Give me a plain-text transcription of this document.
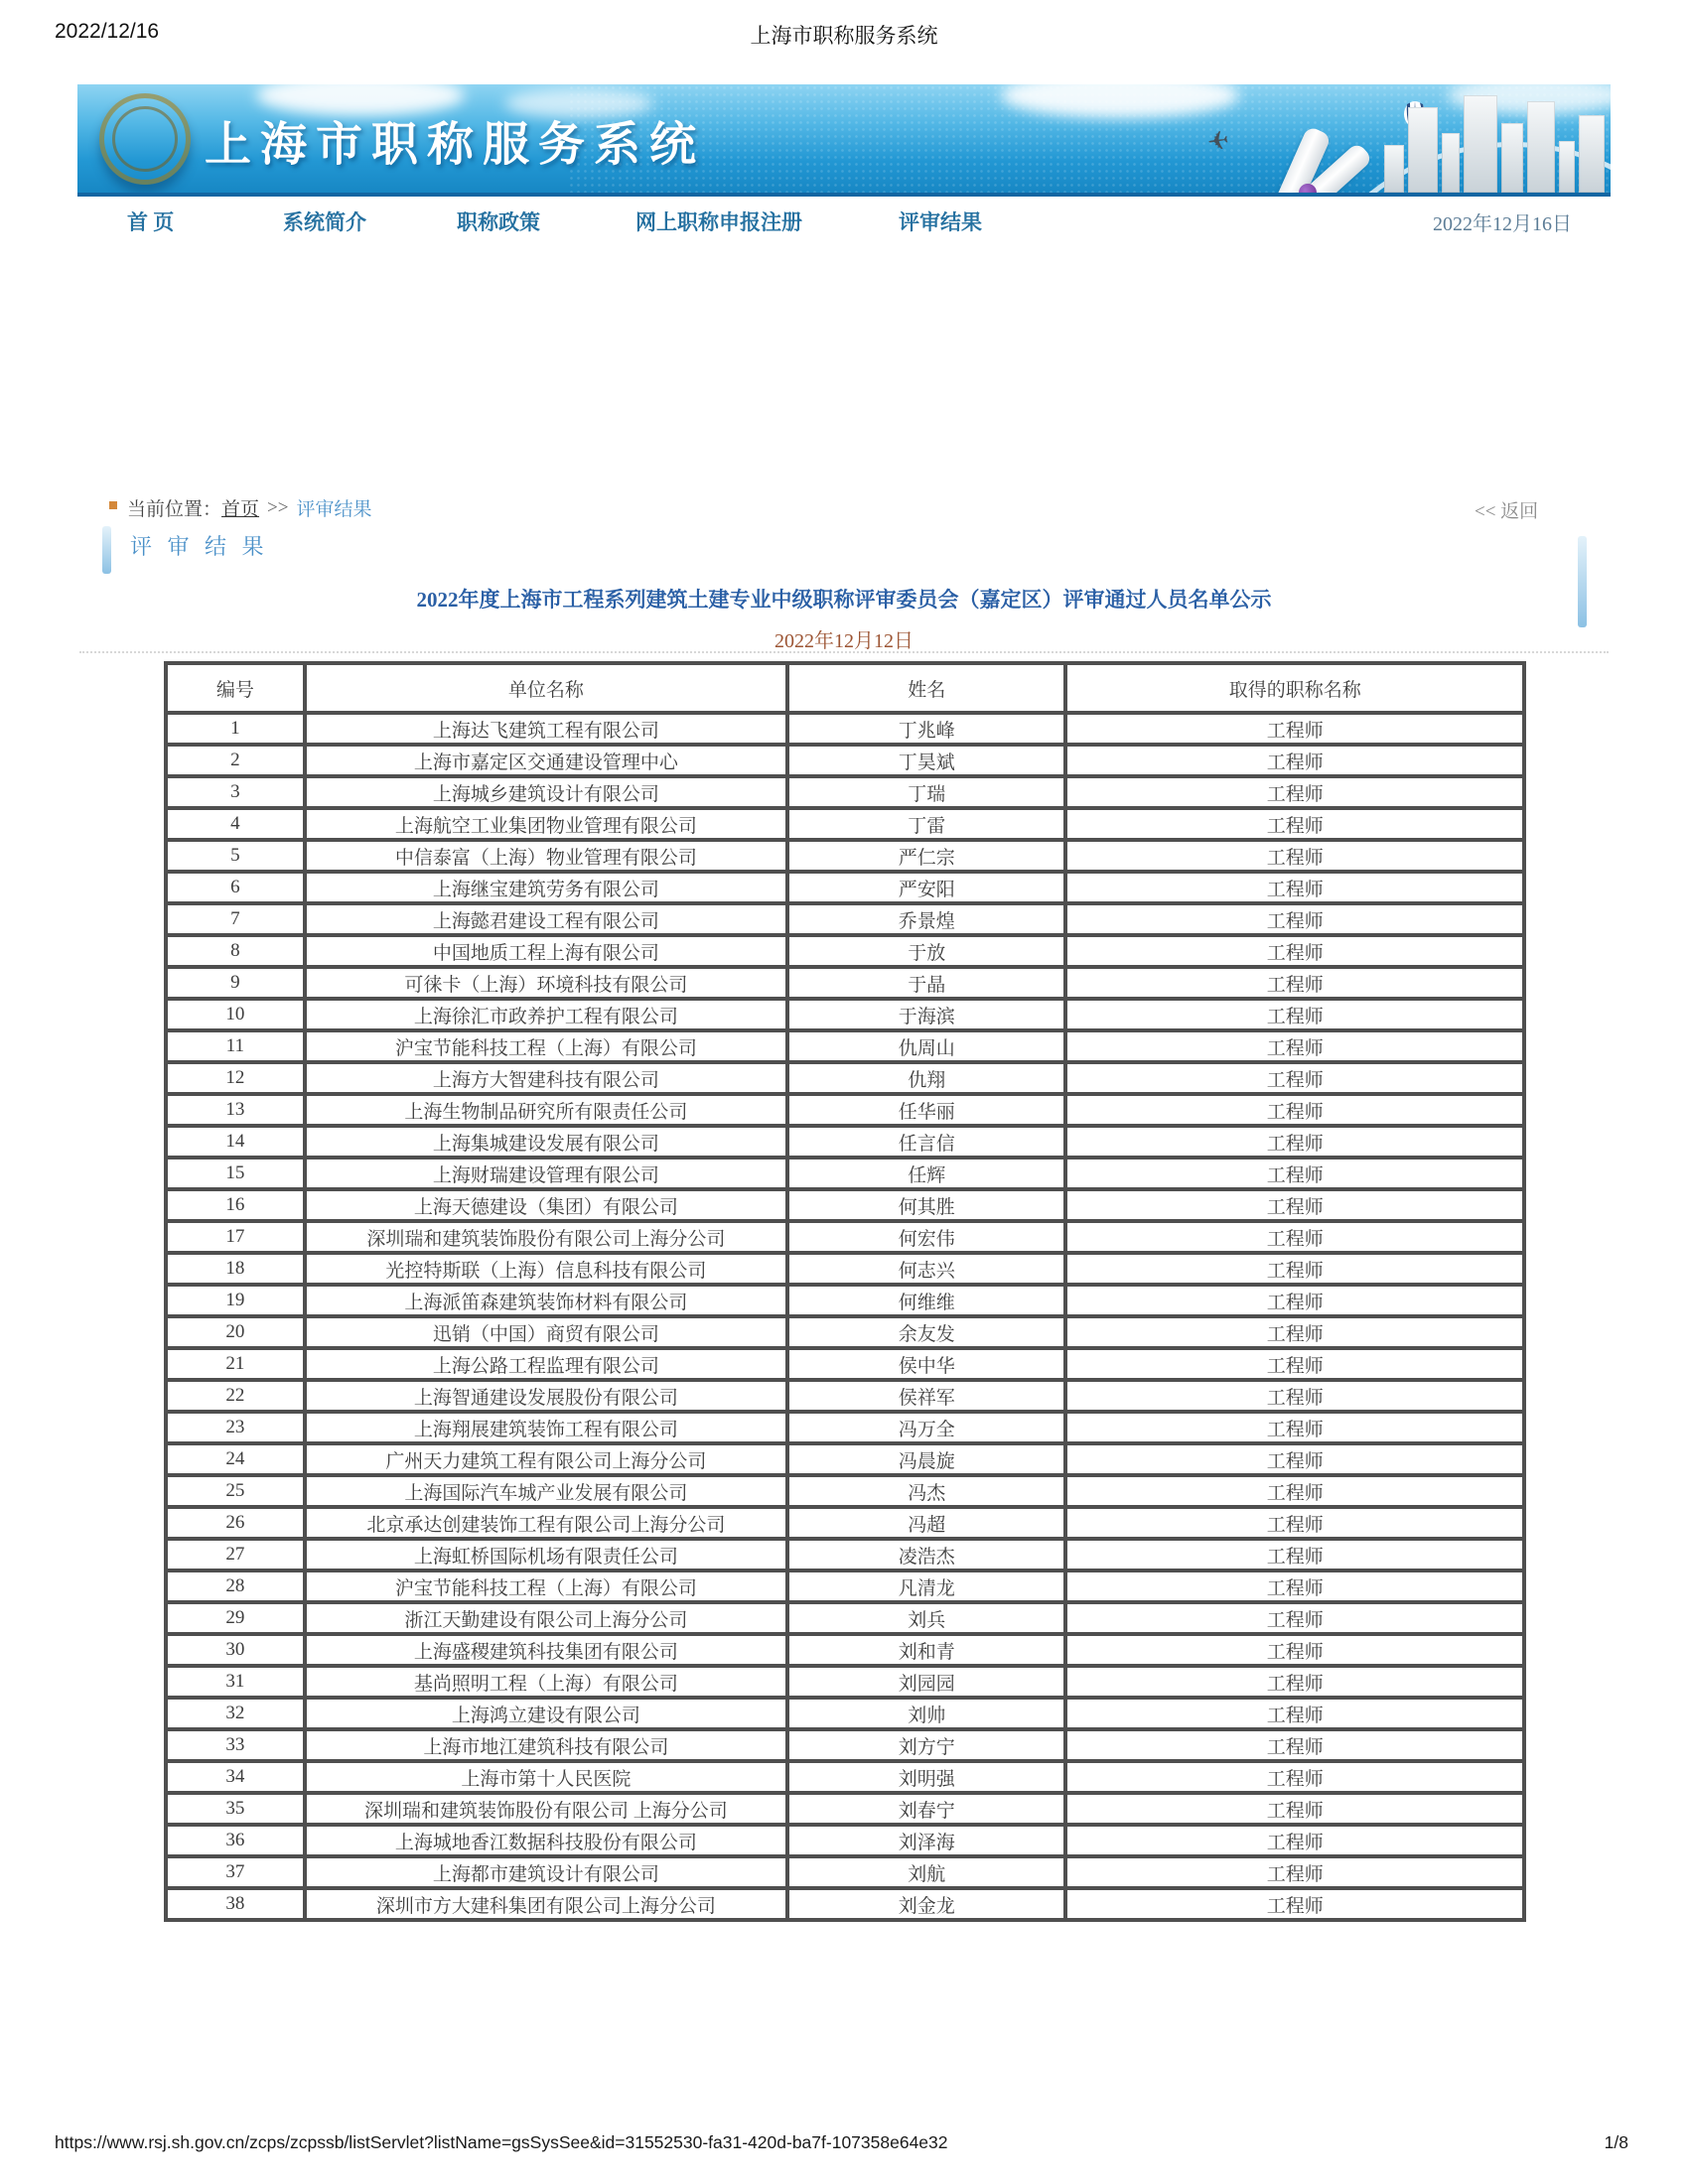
2022/12/16	上海市职称服务系统
✈
上海市职称服务系统
首 页	系统简介	职称政策	网上职称申报注册	评审结果	2022年12月16日
当前位置： 首页 >> 评审结果	<< 返回
评 审 结 果
2022年度上海市工程系列建筑土建专业中级职称评审委员会（嘉定区）评审通过人员名单公示
2022年12月12日
编号	单位名称	姓名	取得的职称名称
1	上海达飞建筑工程有限公司	丁兆峰	工程师
2	上海市嘉定区交通建设管理中心	丁昊斌	工程师
3	上海城乡建筑设计有限公司	丁瑞	工程师
4	上海航空工业集团物业管理有限公司	丁雷	工程师
5	中信泰富（上海）物业管理有限公司	严仁宗	工程师
6	上海继宝建筑劳务有限公司	严安阳	工程师
7	上海懿君建设工程有限公司	乔景煌	工程师
8	中国地质工程上海有限公司	于放	工程师
9	可徕卡（上海）环境科技有限公司	于晶	工程师
10	上海徐汇市政养护工程有限公司	于海滨	工程师
11	沪宝节能科技工程（上海）有限公司	仇周山	工程师
12	上海方大智建科技有限公司	仇翔	工程师
13	上海生物制品研究所有限责任公司	任华丽	工程师
14	上海集城建设发展有限公司	任言信	工程师
15	上海财瑞建设管理有限公司	任辉	工程师
16	上海天德建设（集团）有限公司	何其胜	工程师
17	深圳瑞和建筑装饰股份有限公司上海分公司	何宏伟	工程师
18	光控特斯联（上海）信息科技有限公司	何志兴	工程师
19	上海派笛森建筑装饰材料有限公司	何维维	工程师
20	迅销（中国）商贸有限公司	余友发	工程师
21	上海公路工程监理有限公司	侯中华	工程师
22	上海智通建设发展股份有限公司	侯祥军	工程师
23	上海翔展建筑装饰工程有限公司	冯万全	工程师
24	广州天力建筑工程有限公司上海分公司	冯晨旋	工程师
25	上海国际汽车城产业发展有限公司	冯杰	工程师
26	北京承达创建装饰工程有限公司上海分公司	冯超	工程师
27	上海虹桥国际机场有限责任公司	凌浩杰	工程师
28	沪宝节能科技工程（上海）有限公司	凡清龙	工程师
29	浙江天勤建设有限公司上海分公司	刘兵	工程师
30	上海盛稷建筑科技集团有限公司	刘和青	工程师
31	基尚照明工程（上海）有限公司	刘园园	工程师
32	上海鸿立建设有限公司	刘帅	工程师
33	上海市地江建筑科技有限公司	刘方宁	工程师
34	上海市第十人民医院	刘明强	工程师
35	深圳瑞和建筑装饰股份有限公司 上海分公司	刘春宁	工程师
36	上海城地香江数据科技股份有限公司	刘泽海	工程师
37	上海都市建筑设计有限公司	刘航	工程师
38	深圳市方大建科集团有限公司上海分公司	刘金龙	工程师
https://www.rsj.sh.gov.cn/zcps/zcpssb/listServlet?listName=gsSysSee&id=31552530-fa31-420d-ba7f-107358e64e32	1/8
